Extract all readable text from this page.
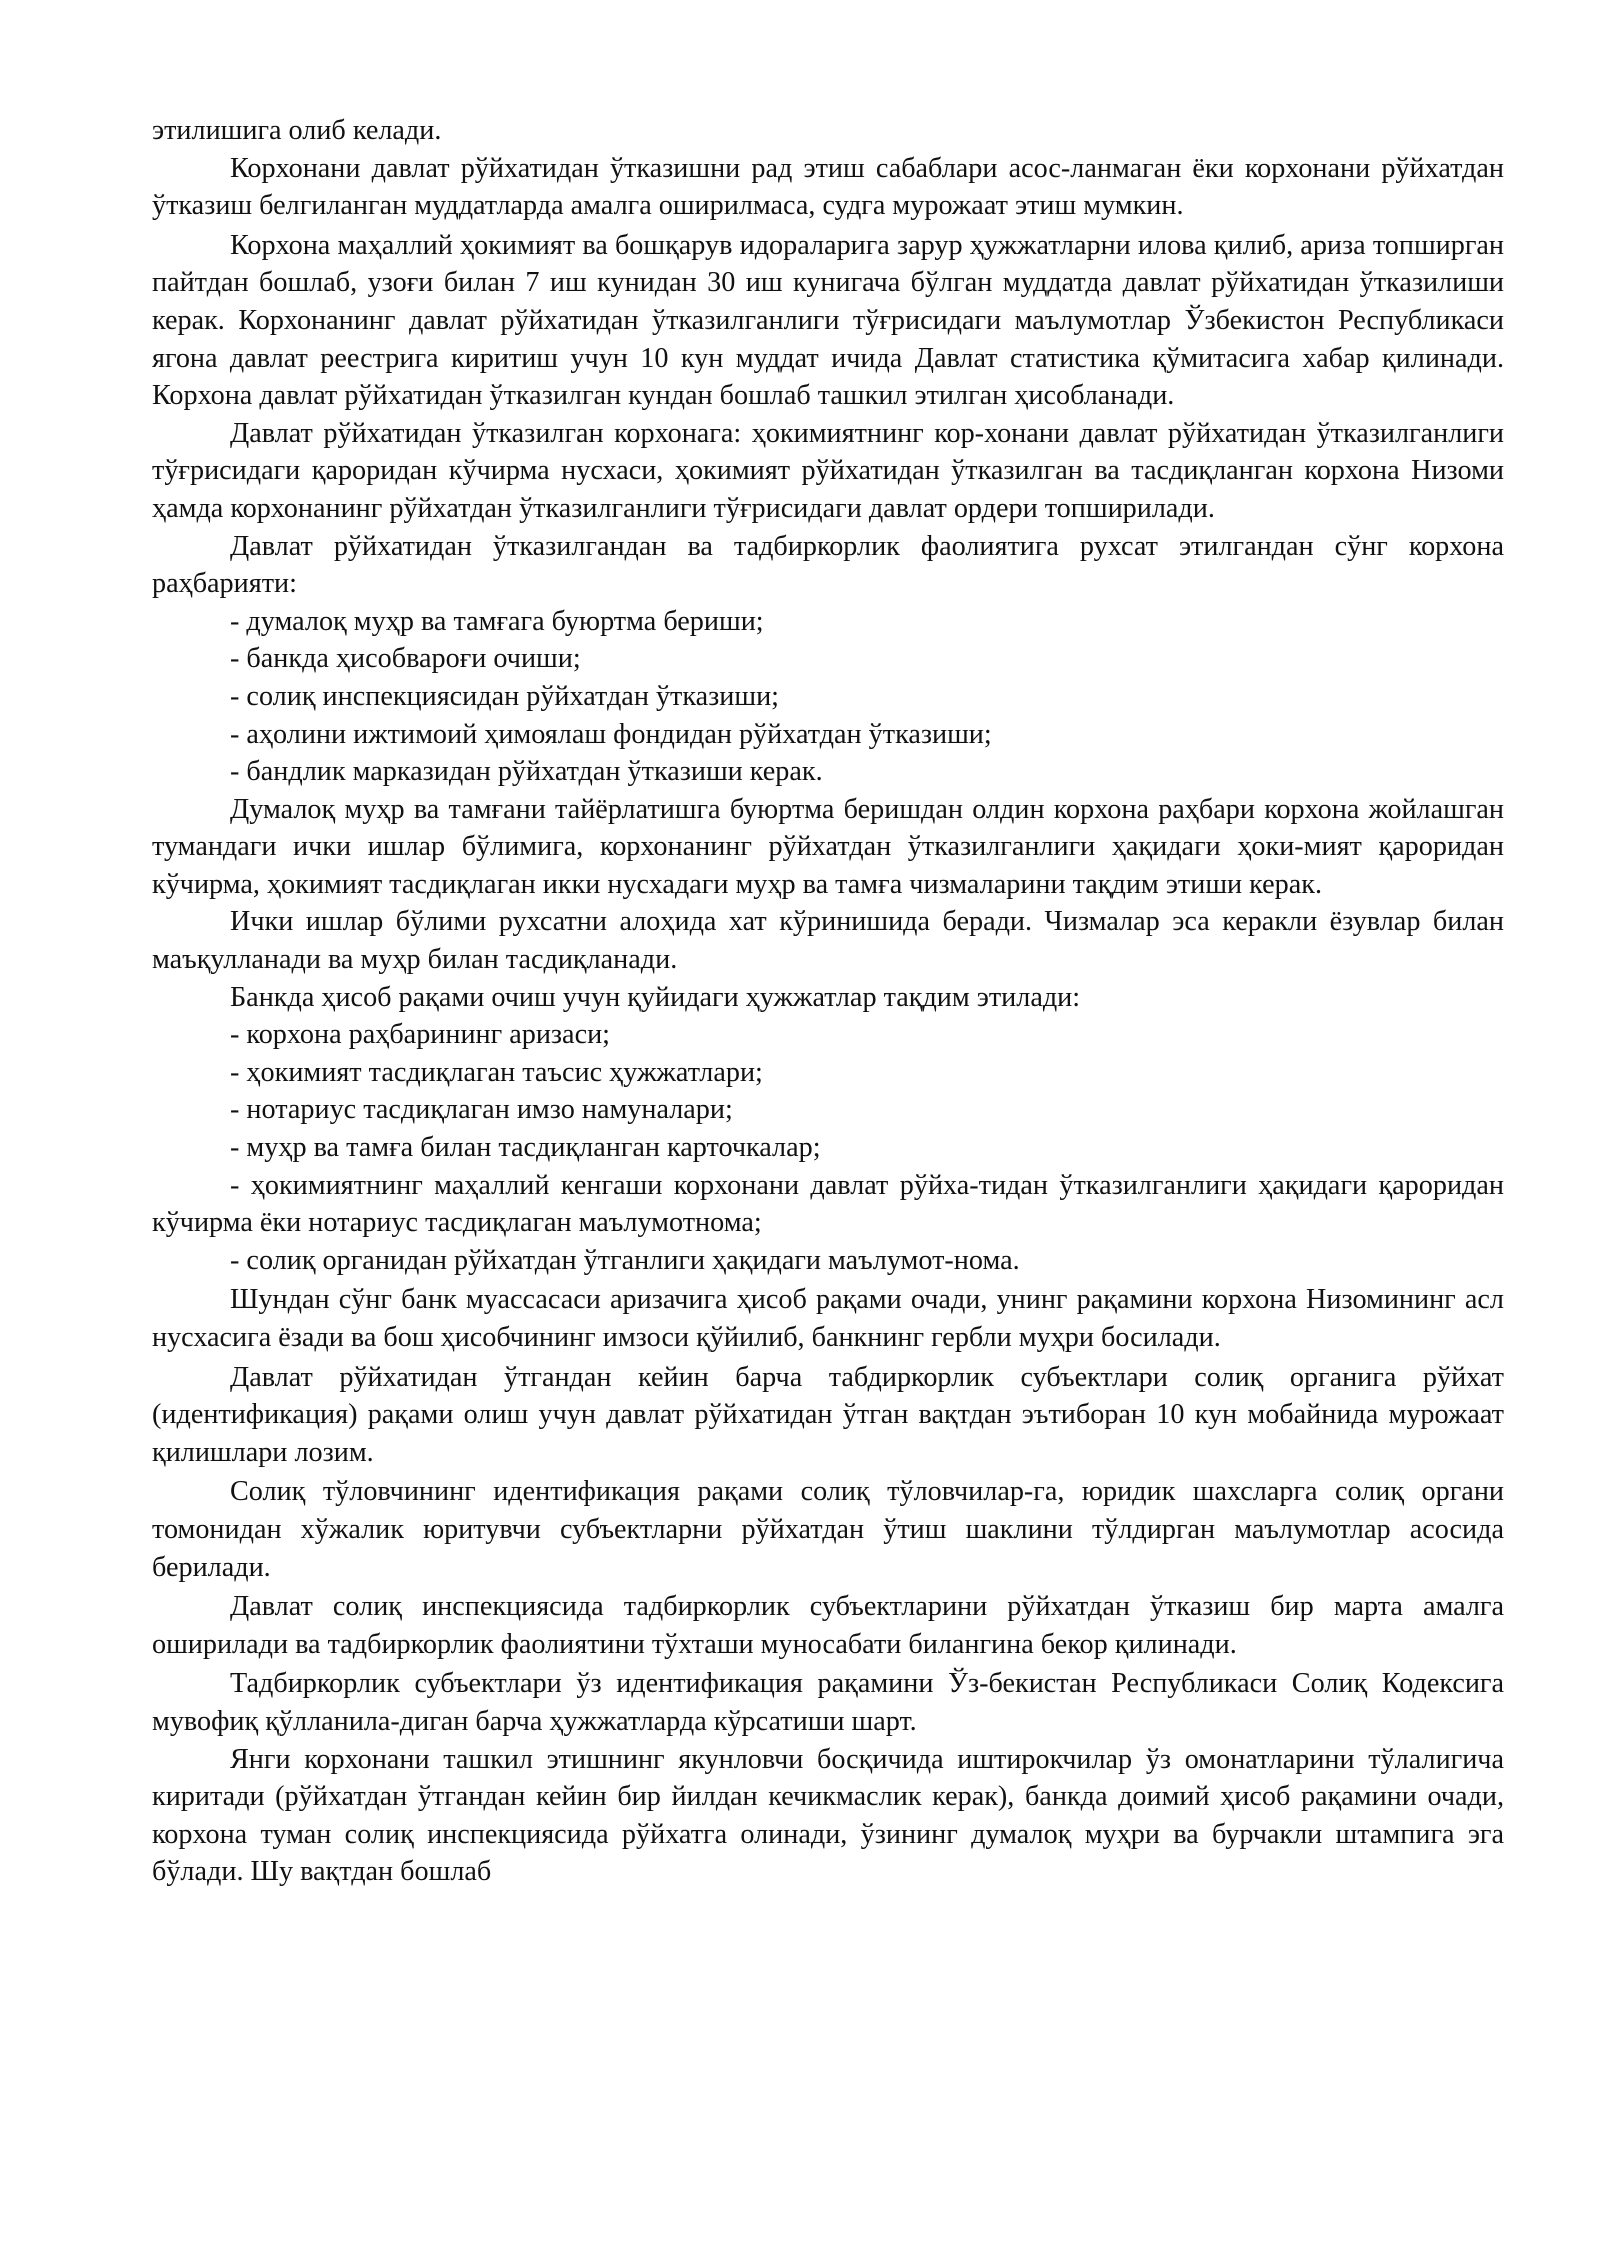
этилишига олиб келади.

Корхонани давлат рўйхатидан ўтказишни рад этиш сабаблари асос-ланмаган ёки корхонани рўйхатдан ўтказиш белгиланган муддатларда амалга оширилмаса, судга мурожаат этиш мумкин.

Корхона маҳаллий ҳокимият ва бошқарув идораларига зарур ҳужжатларни илова қилиб, ариза топширган пайтдан бошлаб, узоғи билан 7 иш кунидан 30 иш кунигача бўлган муддатда давлат рўйхатидан ўтказилиши керак. Корхонанинг давлат рўйхатидан ўтказилганлиги тўғрисидаги маълумотлар Ўзбекистон Республикаси ягона давлат реестрига киритиш учун 10 кун муддат ичида Давлат статистика қўмитасига хабар қилинади. Корхона давлат рўйхатидан ўтказилган кундан бошлаб ташкил этилган ҳисобланади.

Давлат рўйхатидан ўтказилган корхонага: ҳокимиятнинг кор-хонани давлат рўйхатидан ўтказилганлиги тўғрисидаги қароридан кўчирма нусхаси, ҳокимият рўйхатидан ўтказилган ва тасдиқланган корхона Низоми ҳамда корхонанинг рўйхатдан ўтказилганлиги тўғрисидаги давлат ордери топширилади.

Давлат рўйхатидан ўтказилгандан ва тадбиркорлик фаолиятига рухсат этилгандан сўнг корхона раҳбарияти:

- думалоқ муҳр ва тамғага буюртма бериши;

- банкда ҳисобвароғи очиши;

- солиқ инспекциясидан рўйхатдан ўтказиши;

- аҳолини ижтимоий ҳимоялаш фондидан рўйхатдан ўтказиши;

- бандлик марказидан рўйхатдан ўтказиши керак.

Думалоқ муҳр ва тамғани тайёрлатишга буюртма беришдан олдин корхона раҳбари корхона жойлашган тумандаги ички ишлар бўлимига, корхонанинг рўйхатдан ўтказилганлиги ҳақидаги ҳоки-мият қароридан кўчирма, ҳокимият тасдиқлаган икки нусхадаги муҳр ва тамға чизмаларини тақдим этиши керак.

Ички ишлар бўлими рухсатни алоҳида хат кўринишида беради. Чизмалар эса керакли ёзувлар билан маъқулланади ва муҳр билан тасдиқланади.

Банкда ҳисоб рақами очиш учун қуйидаги ҳужжатлар тақдим этилади:

- корхона раҳбарининг аризаси;

- ҳокимият тасдиқлаган таъсис ҳужжатлари;

- нотариус тасдиқлаган имзо намуналари;

- муҳр ва тамға билан тасдиқланган карточкалар;

- ҳокимиятнинг маҳаллий кенгаши корхонани давлат рўйха-тидан ўтказилганлиги ҳақидаги қароридан кўчирма ёки нотариус тасдиқлаган маълумотнома;

- солиқ органидан рўйхатдан ўтганлиги ҳақидаги маълумот-нома.

Шундан сўнг банк муассасаси аризачига ҳисоб рақами очади, унинг рақамини корхона Низомининг асл нусхасига ёзади ва бош ҳисобчининг имзоси қўйилиб, банкнинг гербли муҳри босилади.

Давлат рўйхатидан ўтгандан кейин барча табдиркорлик субъектлари солиқ органига рўйхат (идентификация) рақами олиш учун давлат рўйхатидан ўтган вақтдан эътиборан 10 кун мобайнида мурожаат қилишлари лозим.

Солиқ тўловчининг идентификация рақами солиқ тўловчилар-га, юридик шахсларга солиқ органи томонидан хўжалик юритувчи субъектларни рўйхатдан ўтиш шаклини тўлдирган маълумотлар асосида берилади.

Давлат солиқ инспекциясида тадбиркорлик субъектларини рўйхатдан ўтказиш бир марта амалга оширилади ва тадбиркорлик фаолиятини тўхташи муносабати билангина бекор қилинади.

Тадбиркорлик субъектлари ўз идентификация рақамини Ўз-бекистан Республикаси Солиқ Кодексига мувофиқ қўлланила-диган барча ҳужжатларда кўрсатиши шарт.

Янги корхонани ташкил этишнинг якунловчи босқичида иштирокчилар ўз омонатларини тўлалигича киритади (рўйхатдан ўтгандан кейин бир йилдан кечикмаслик керак), банкда доимий ҳисоб рақамини очади, корхона туман солиқ инспекциясида рўйхатга олинади, ўзининг думалоқ муҳри ва бурчакли штампига эга бўлади. Шу вақтдан бошлаб
